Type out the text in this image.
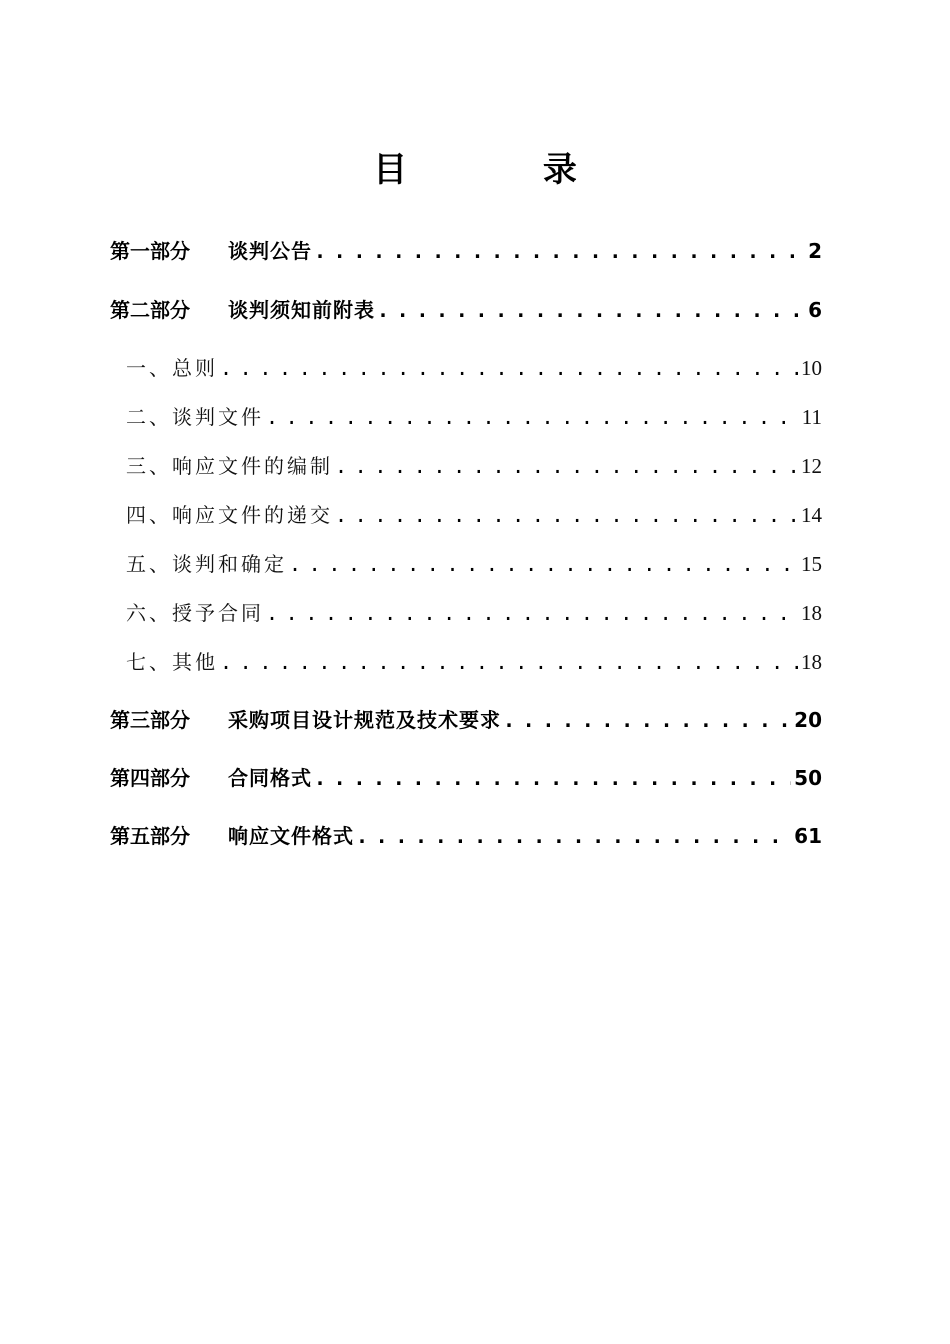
目 录
第一部分	谈判公告 . . .	2
第二部分	谈判须知前附表 . . .	6
一、总则 . . .	10
二、谈判文件 . . .	11
三、响应文件的编制 . . .	12
四、响应文件的递交 . . .	14
五、谈判和确定 . . .	15
六、授予合同 . . .	18
七、其他 . . .	18
第三部分	采购项目设计规范及技术要求 . . .	20
第四部分	合同格式 . . .	50
第五部分	响应文件格式 . . .	61
